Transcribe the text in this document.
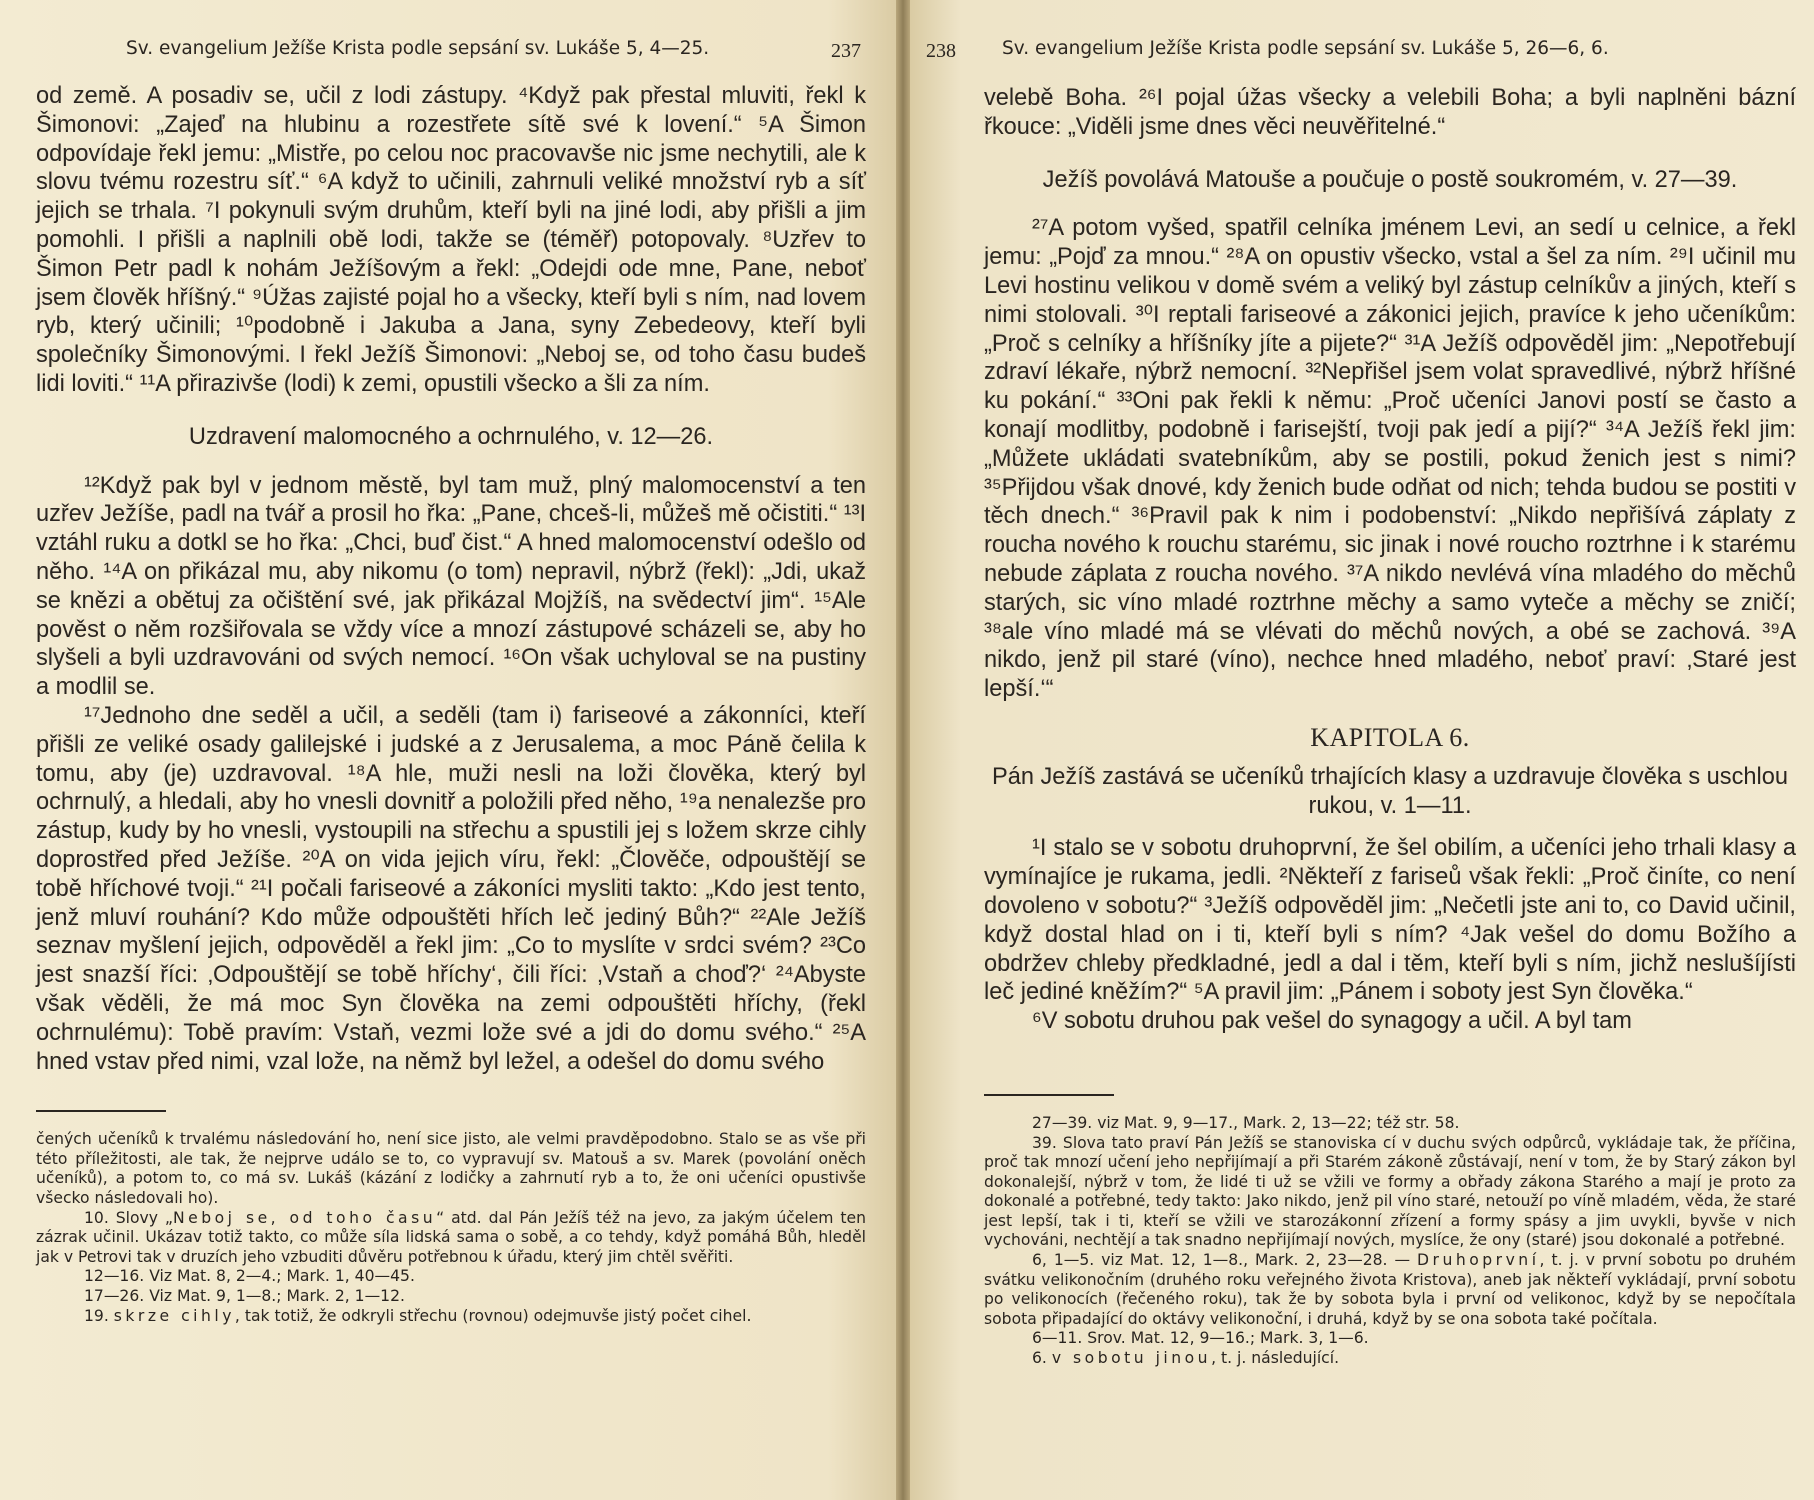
Sv. evangelium Ježíše Krista podle sepsání sv. Lukáše 5, 4—25.	237

od země. A posadiv se, učil z lodi zástupy. ⁴Když pak přestal mluviti, řekl k Šimonovi: „Zajeď na hlubinu a rozestřete sítě své k lovení.“ ⁵A Šimon odpovídaje řekl jemu: „Mistře, po celou noc pracovavše nic jsme nechytili, ale k slovu tvému rozestru síť.“ ⁶A když to učinili, zahrnuli veliké množství ryb a síť jejich se trhala. ⁷I pokynuli svým druhům, kteří byli na jiné lodi, aby přišli a jim pomohli. I přišli a naplnili obě lodi, takže se (téměř) potopovaly. ⁸Uzřev to Šimon Petr padl k nohám Ježíšovým a řekl: „Odejdi ode mne, Pane, neboť jsem člověk hříšný.“ ⁹Úžas zajisté pojal ho a všecky, kteří byli s ním, nad lovem ryb, který učinili; ¹⁰podobně i Jakuba a Jana, syny Zebedeovy, kteří byli společníky Šimonovými. I řekl Ježíš Šimonovi: „Neboj se, od toho času budeš lidi loviti.“ ¹¹A přirazivše (lodi) k zemi, opustili všecko a šli za ním.

Uzdravení malomocného a ochrnulého, v. 12—26.

¹²Když pak byl v jednom městě, byl tam muž, plný malomocenství a ten uzřev Ježíše, padl na tvář a prosil ho řka: „Pane, chceš-li, můžeš mě očistiti.“ ¹³I vztáhl ruku a dotkl se ho řka: „Chci, buď čist.“ A hned malomocenství odešlo od něho. ¹⁴A on přikázal mu, aby nikomu (o tom) nepravil, nýbrž (řekl): „Jdi, ukaž se knězi a obětuj za očištění své, jak přikázal Mojžíš, na svědectví jim“. ¹⁵Ale pověst o něm rozšiřovala se vždy více a mnozí zástupové scházeli se, aby ho slyšeli a byli uzdravováni od svých nemocí. ¹⁶On však uchyloval se na pustiny a modlil se.

¹⁷Jednoho dne seděl a učil, a seděli (tam i) fariseové a zákonníci, kteří přišli ze veliké osady galilejské i judské a z Jerusalema, a moc Páně čelila k tomu, aby (je) uzdravoval. ¹⁸A hle, muži nesli na loži člověka, který byl ochrnulý, a hledali, aby ho vnesli dovnitř a položili před něho, ¹⁹a nenalezše pro zástup, kudy by ho vnesli, vystoupili na střechu a spustili jej s ložem skrze cihly doprostřed před Ježíše. ²⁰A on vida jejich víru, řekl: „Člověče, odpouštějí se tobě hříchové tvoji.“ ²¹I počali fariseové a zákoníci mysliti takto: „Kdo jest tento, jenž mluví rouhání? Kdo může odpouštěti hřích leč jediný Bůh?“ ²²Ale Ježíš seznav myšlení jejich, odpověděl a řekl jim: „Co to myslíte v srdci svém? ²³Co jest snazší říci: ‚Odpouštějí se tobě hříchy‘, čili říci: ‚Vstaň a choď?‘ ²⁴Abyste však věděli, že má moc Syn člověka na zemi odpouštěti hříchy, (řekl ochrnulému): Tobě pravím: Vstaň, vezmi lože své a jdi do domu svého.“ ²⁵A hned vstav před nimi, vzal lože, na němž byl ležel, a odešel do domu svého

čených učeníků k trvalému následování ho, není sice jisto, ale velmi pravděpodobno. Stalo se as vše při této příležitosti, ale tak, že nejprve událo se to, co vypravují sv. Matouš a sv. Marek (povolání oněch učeníků), a potom to, co má sv. Lukáš (kázání z lodičky a zahrnutí ryb a to, že oni učeníci opustivše všecko následovali ho).

10. Slovy „Neboj se, od toho času“ atd. dal Pán Ježíš též na jevo, za jakým účelem ten zázrak učinil. Ukázav totiž takto, co může síla lidská sama o sobě, a co tehdy, když pomáhá Bůh, hleděl jak v Petrovi tak v druzích jeho vzbuditi důvěru potřebnou k úřadu, který jim chtěl svěřiti.

12—16. Viz Mat. 8, 2—4.; Mark. 1, 40—45.

17—26. Viz Mat. 9, 1—8.; Mark. 2, 1—12.

19. skrze cihly, tak totiž, že odkryli střechu (rovnou) odejmuvše jistý počet cihel.

238 Sv. evangelium Ježíše Krista podle sepsání sv. Lukáše 5, 26—6, 6.

velebě Boha. ²⁶I pojal úžas všecky a velebili Boha; a byli naplněni bázní řkouce: „Viděli jsme dnes věci neuvěřitelné.“

Ježíš povolává Matouše a poučuje o postě soukromém, v. 27—39.

²⁷A potom vyšed, spatřil celníka jménem Levi, an sedí u celnice, a řekl jemu: „Pojď za mnou.“ ²⁸A on opustiv všecko, vstal a šel za ním. ²⁹I učinil mu Levi hostinu velikou v domě svém a veliký byl zástup celníkův a jiných, kteří s nimi stolovali. ³⁰I reptali fariseové a zákonici jejich, pravíce k jeho učeníkům: „Proč s celníky a hříšníky jíte a pijete?“ ³¹A Ježíš odpověděl jim: „Nepotřebují zdraví lékaře, nýbrž nemocní. ³²Nepřišel jsem volat spravedlivé, nýbrž hříšné ku pokání.“ ³³Oni pak řekli k němu: „Proč učeníci Janovi postí se často a konají modlitby, podobně i farisejští, tvoji pak jedí a pijí?“ ³⁴A Ježíš řekl jim: „Můžete ukládati svatebníkům, aby se postili, pokud ženich jest s nimi? ³⁵Přijdou však dnové, kdy ženich bude odňat od nich; tehda budou se postiti v těch dnech.“ ³⁶Pravil pak k nim i podobenství: „Nikdo nepřišívá záplaty z roucha nového k rouchu starému, sic jinak i nové roucho roztrhne i k starému nebude záplata z roucha nového. ³⁷A nikdo nevlévá vína mladého do měchů starých, sic víno mladé roztrhne měchy a samo vyteče a měchy se zničí; ³⁸ale víno mladé má se vlévati do měchů nových, a obé se zachová. ³⁹A nikdo, jenž pil staré (víno), nechce hned mladého, neboť praví: ‚Staré jest lepší.‘“

KAPITOLA 6.
Pán Ježíš zastává se učeníků trhajících klasy a uzdravuje člověka s uschlou rukou, v. 1—11.

¹I stalo se v sobotu druhoprvní, že šel obilím, a učeníci jeho trhali klasy a vymínajíce je rukama, jedli. ²Někteří z fariseů však řekli: „Proč činíte, co není dovoleno v sobotu?“ ³Ježíš odpověděl jim: „Nečetli jste ani to, co David učinil, když dostal hlad on i ti, kteří byli s ním? ⁴Jak vešel do domu Božího a obdržev chleby předkladné, jedl a dal i těm, kteří byli s ním, jichž neslušíjísti leč jediné kněžím?“ ⁵A pravil jim: „Pánem i soboty jest Syn člověka.“

⁶V sobotu druhou pak vešel do synagogy a učil. A byl tam

27—39. viz Mat. 9, 9—17., Mark. 2, 13—22; též str. 58.

39. Slova tato praví Pán Ježíš se stanoviska cí v duchu svých odpůrců, vykládaje tak, že příčina, proč tak mnozí učení jeho nepřijímají a při Starém zákoně zůstávají, není v tom, že by Starý zákon byl dokonalejší, nýbrž v tom, že lidé ti už se vžili ve formy a obřady zákona Starého a mají je proto za dokonalé a potřebné, tedy takto: Jako nikdo, jenž pil víno staré, netouží po víně mladém, věda, že staré jest lepší, tak i ti, kteří se vžili ve starozákonní zřízení a formy spásy a jim uvykli, byvše v nich vychováni, nechtějí a tak snadno nepřijímají nových, myslíce, že ony (staré) jsou dokonalé a potřebné.

6, 1—5. viz Mat. 12, 1—8., Mark. 2, 23—28. — Druhoprvní, t. j. v první sobotu po druhém svátku velikonočním (druhého roku veřejného života Kristova), aneb jak někteří vykládají, první sobotu po velikonocích (řečeného roku), tak že by sobota byla i první od velikonoc, když by se nepočítala sobota připadající do oktávy velikonoční, i druhá, když by se ona sobota také počítala.

6—11. Srov. Mat. 12, 9—16.; Mark. 3, 1—6.

6. v sobotu jinou, t. j. následující.
